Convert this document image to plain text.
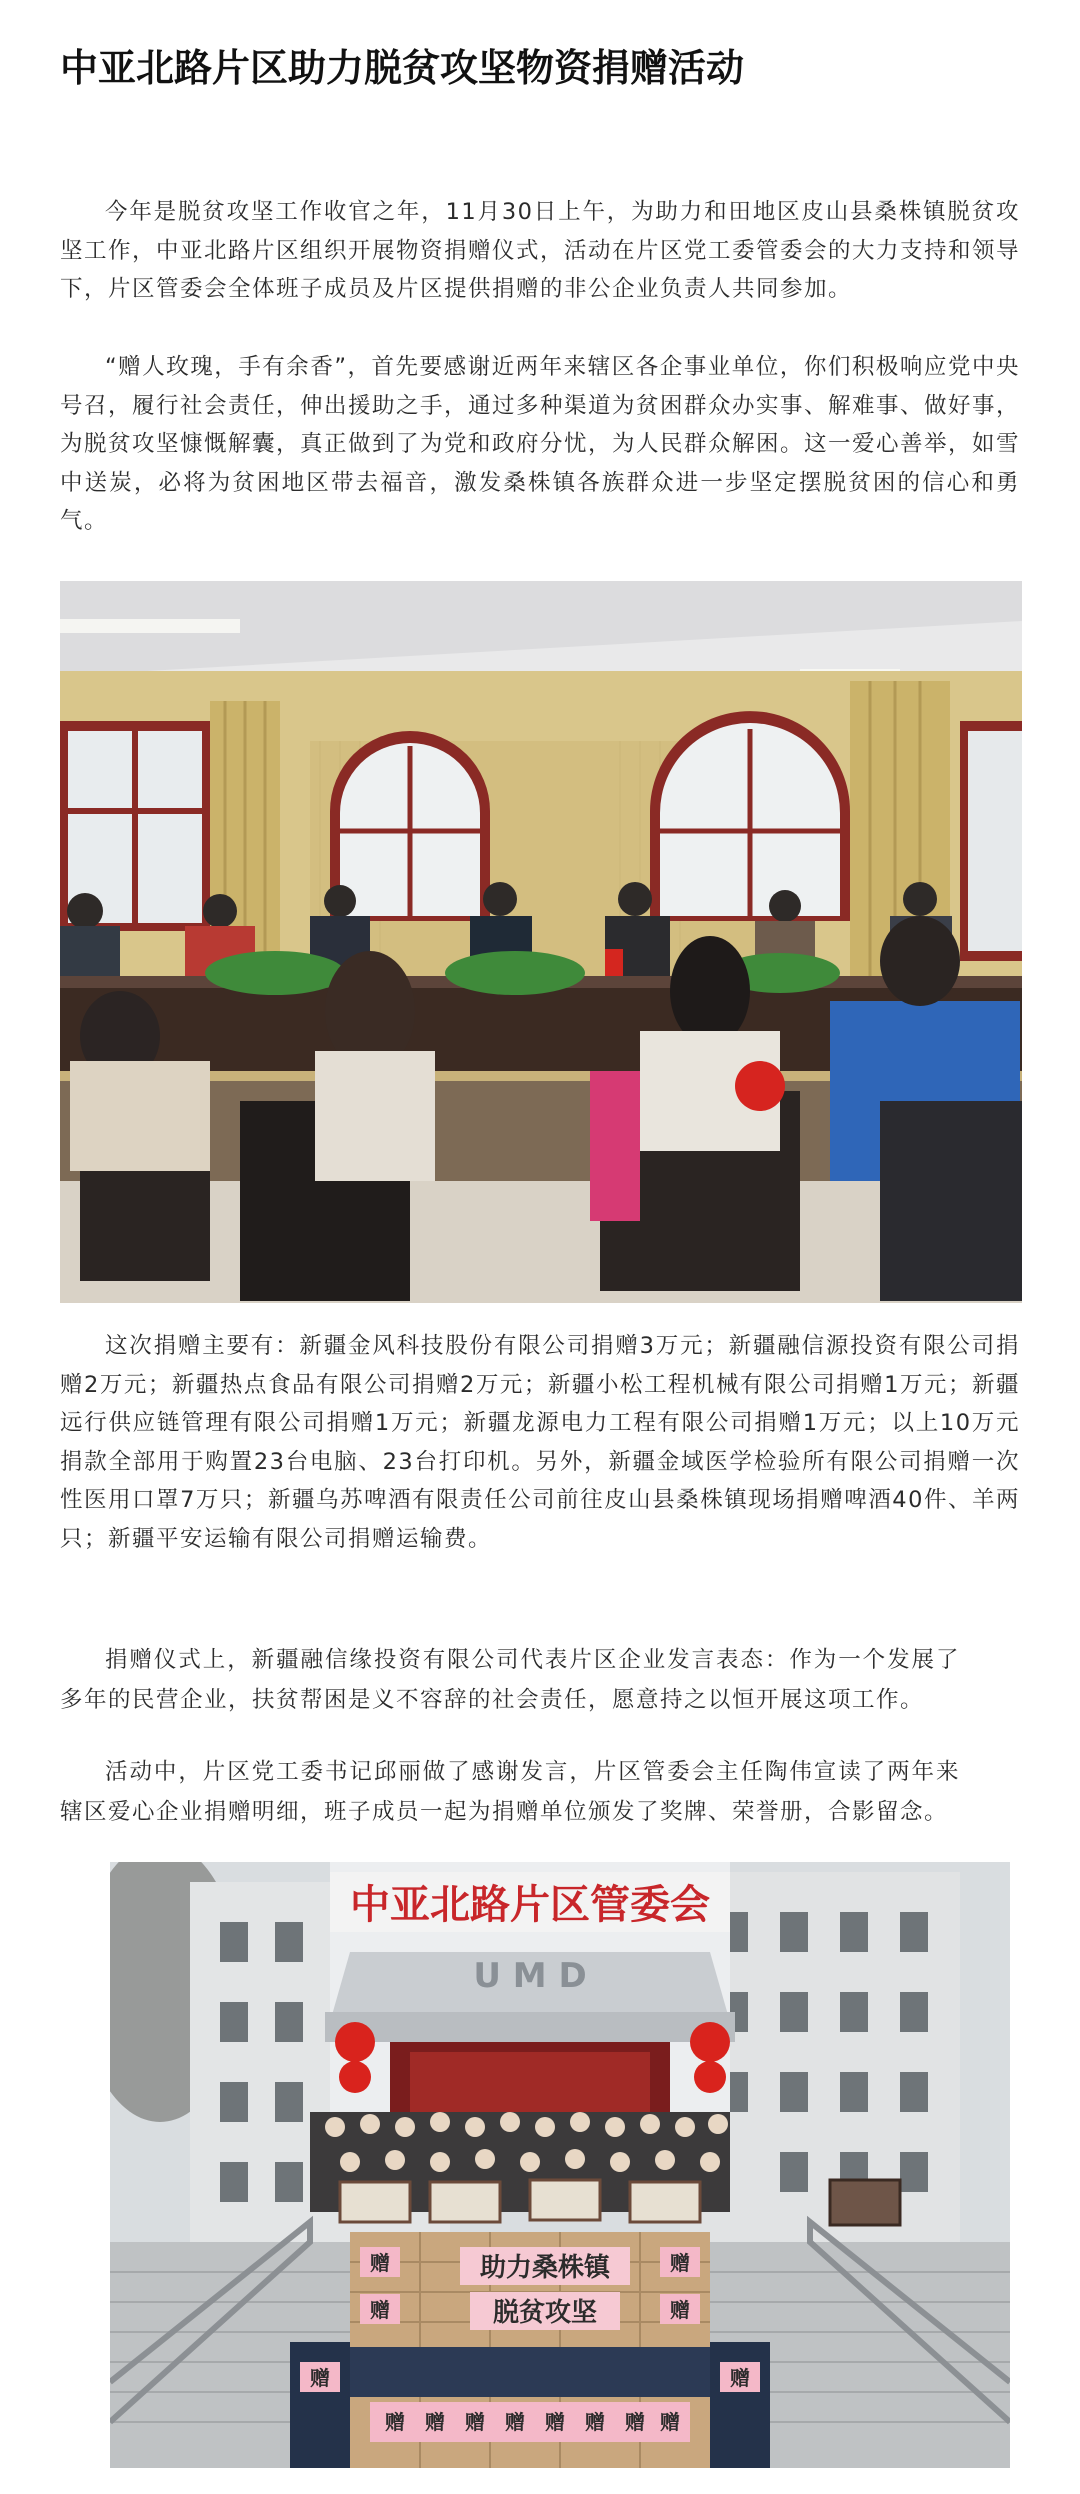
中亚北路片区助力脱贫攻坚物资捐赠活动

今年是脱贫攻坚工作收官之年，11月30日上午，为助力和田地区皮山县桑株镇脱贫攻坚工作，中亚北路片区组织开展物资捐赠仪式，活动在片区党工委管委会的大力支持和领导下，片区管委会全体班子成员及片区提供捐赠的非公企业负责人共同参加。

“赠人玫瑰，手有余香”，首先要感谢近两年来辖区各企事业单位，你们积极响应党中央号召，履行社会责任，伸出援助之手，通过多种渠道为贫困群众办实事、解难事、做好事，为脱贫攻坚慷慨解囊，真正做到了为党和政府分忧，为人民群众解困。这一爱心善举，如雪中送炭，必将为贫困地区带去福音，激发桑株镇各族群众进一步坚定摆脱贫困的信心和勇气。

这次捐赠主要有：新疆金风科技股份有限公司捐赠3万元；新疆融信源投资有限公司捐赠2万元；新疆热点食品有限公司捐赠2万元；新疆小松工程机械有限公司捐赠1万元；新疆远行供应链管理有限公司捐赠1万元；新疆龙源电力工程有限公司捐赠1万元；以上10万元捐款全部用于购置23台电脑、23台打印机。另外，新疆金域医学检验所有限公司捐赠一次性医用口罩7万只；新疆乌苏啤酒有限责任公司前往皮山县桑株镇现场捐赠啤酒40件、羊两只；新疆平安运输有限公司捐赠运输费。

捐赠仪式上，新疆融信缘投资有限公司代表片区企业发言表态：作为一个发展了多年的民营企业，扶贫帮困是义不容辞的社会责任，愿意持之以恒开展这项工作。

活动中，片区党工委书记邱丽做了感谢发言，片区管委会主任陶伟宣读了两年来辖区爱心企业捐赠明细，班子成员一起为捐赠单位颁发了奖牌、荣誉册，合影留念。

中亚北路片区管委会
U M D
助力桑株镇
脱贫攻坚
赠	赠
赠	赠
赠 赠 赠 赠 赠 赠 赠 赠
赠	赠
